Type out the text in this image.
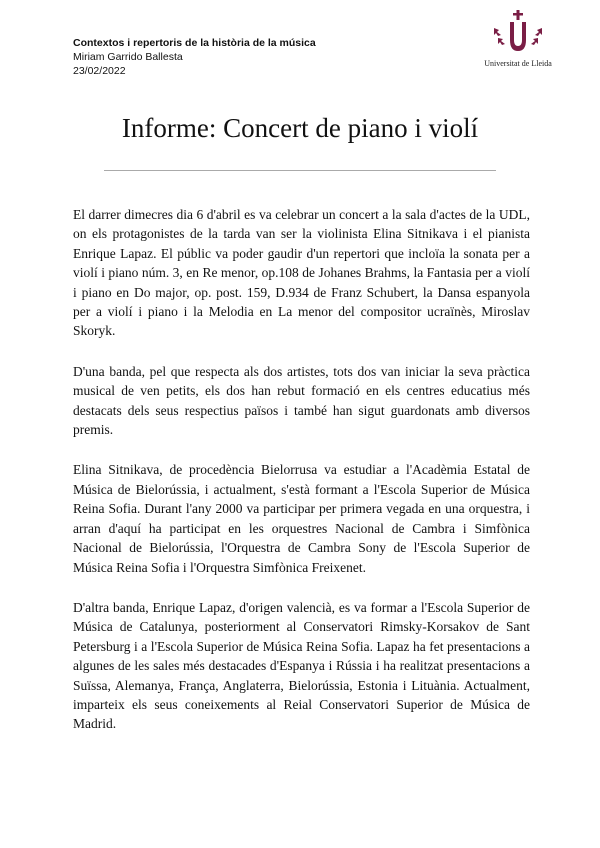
Contextos i repertoris de la història de la música
Miriam Garrido Ballesta
23/02/2022
Universitat de Lleida
Informe: Concert de piano i violí

El darrer dimecres dia 6 d'abril es va celebrar un concert a la sala d'actes de la UDL, on els protagonistes de la tarda van ser la violinista Elina Sitnikava i el pianista Enrique Lapaz. El públic va poder gaudir d'un repertori que incloïa la sonata per a violí i piano núm. 3, en Re menor, op.108 de Johanes Brahms, la Fantasia per a violí i piano en Do major, op. post. 159, D.934 de Franz Schubert, la Dansa espanyola per a violí i piano i la Melodia en La menor del compositor ucraïnès, Miroslav Skoryk.

D'una banda, pel que respecta als dos artistes, tots dos van iniciar la seva pràctica musical de ven petits, els dos han rebut formació en els centres educatius més destacats dels seus respectius països i també han sigut guardonats amb diversos premis.

Elina Sitnikava, de procedència Bielorrusa va estudiar a l'Acadèmia Estatal de Música de Bielorússia, i actualment, s'està formant a l'Escola Superior de Música Reina Sofia. Durant l'any 2000 va participar per primera vegada en una orquestra, i arran d'aquí ha participat en les orquestres Nacional de Cambra i Simfònica Nacional de Bielorússia, l'Orquestra de Cambra Sony de l'Escola Superior de Música Reina Sofia i l'Orquestra Simfònica Freixenet.

D'altra banda, Enrique Lapaz, d'origen valencià, es va formar a l'Escola Superior de Música de Catalunya, posteriorment al Conservatori Rimsky-Korsakov de Sant Petersburg i a l'Escola Superior de Música Reina Sofia. Lapaz ha fet presentacions a algunes de les sales més destacades d'Espanya i Rússia i ha realitzat presentacions a Suïssa, Alemanya, França, Anglaterra, Bielorússia, Estonia i Lituània. Actualment, imparteix els seus coneixements al Reial Conservatori Superior de Música de Madrid.
